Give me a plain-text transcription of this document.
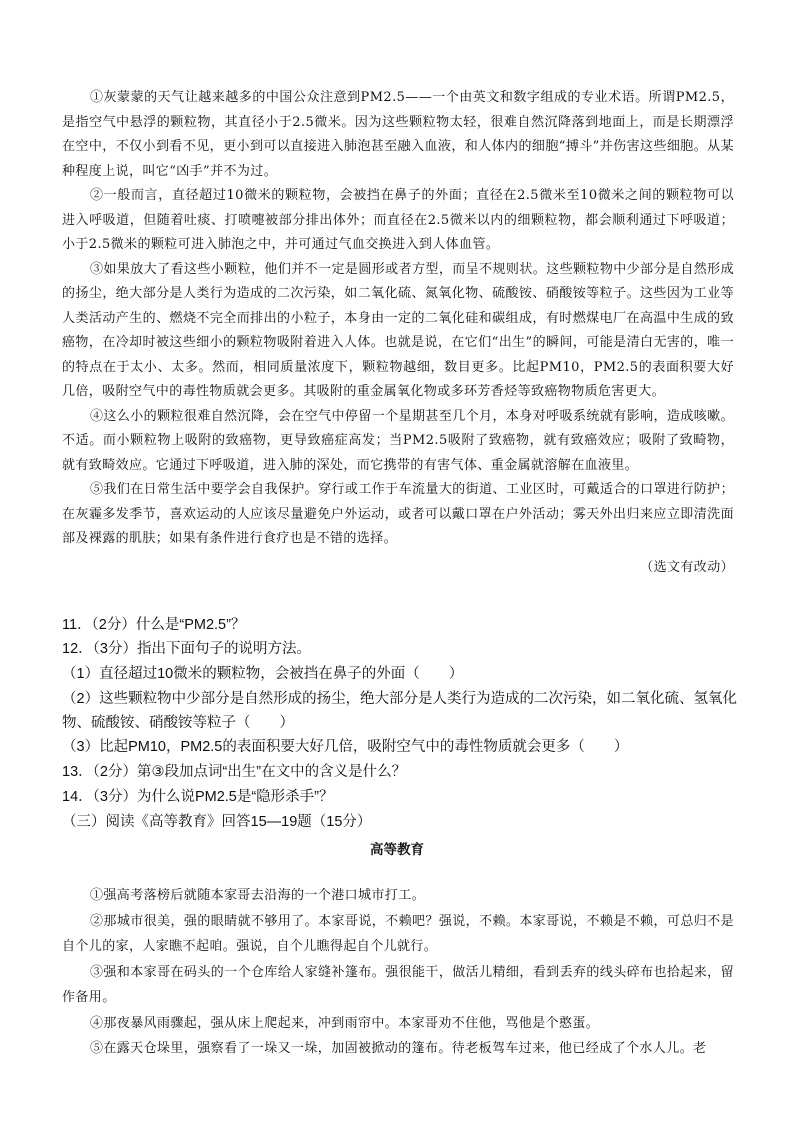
①灰蒙蒙的天气让越来越多的中国公众注意到PM2.5——一个由英文和数字组成的专业术语。所谓PM2.5，是指空气中悬浮的颗粒物，其直径小于2.5微米。因为这些颗粒物太轻，很难自然沉降落到地面上，而是长期漂浮在空中，不仅小到看不见，更小到可以直接进入肺泡甚至融入血液，和人体内的细胞“搏斗”并伤害这些细胞。从某种程度上说，叫它“凶手”并不为过。

②一般而言，直径超过10微米的颗粒物，会被挡在鼻子的外面；直径在2.5微米至10微米之间的颗粒物可以进入呼吸道，但随着吐痰、打喷嚏被部分排出体外；而直径在2.5微米以内的细颗粒物，都会顺利通过下呼吸道；小于2.5微米的颗粒可进入肺泡之中，并可通过气血交换进入到人体血管。

③如果放大了看这些小颗粒，他们并不一定是圆形或者方型，而呈不规则状。这些颗粒物中少部分是自然形成的扬尘，绝大部分是人类行为造成的二次污染，如二氧化硫、氮氧化物、硫酸铵、硝酸铵等粒子。这些因为工业等人类活动产生的、燃烧不完全而排出的小粒子，本身由一定的二氧化硅和碳组成，有时燃煤电厂在高温中生成的致癌物，在冷却时被这些细小的颗粒物吸附着进入人体。也就是说，在它们“出生”的瞬间，可能是清白无害的，唯一的特点在于太小、太多。然而，相同质量浓度下，颗粒物越细，数目更多。比起PM10，PM2.5的表面积要大好几倍，吸附空气中的毒性物质就会更多。其吸附的重金属氧化物或多环芳香烃等致癌物物质危害更大。

④这么小的颗粒很难自然沉降，会在空气中停留一个星期甚至几个月，本身对呼吸系统就有影响，造成咳嗽。不适。而小颗粒物上吸附的致癌物，更导致癌症高发；当PM2.5吸附了致癌物，就有致癌效应；吸附了致畸物，就有致畸效应。它通过下呼吸道，进入肺的深处，而它携带的有害气体、重金属就溶解在血液里。

⑤我们在日常生活中要学会自我保护。穿行或工作于车流量大的街道、工业区时，可戴适合的口罩进行防护；在灰霾多发季节，喜欢运动的人应该尽量避免户外运动，或者可以戴口罩在户外活动；雾天外出归来应立即清洗面部及裸露的肌肤；如果有条件进行食疗也是不错的选择。

（选文有改动）

11．（2分）什么是“PM2.5”？
12．（3分）指出下面句子的说明方法。
（1）直径超过10微米的颗粒物，会被挡在鼻子的外面（　　）
（2）这些颗粒物中少部分是自然形成的扬尘，绝大部分是人类行为造成的二次污染，如二氧化硫、氢氧化物、硫酸铵、硝酸铵等粒子（　　）
（3）比起PM10，PM2.5的表面积要大好几倍，吸附空气中的毒性物质就会更多（　　）
13．（2分）第③段加点词“出生”在文中的含义是什么？
14．（3分）为什么说PM2.5是“隐形杀手”？
（三）阅读《高等教育》回答15—19题（15分）
高等教育

①强高考落榜后就随本家哥去沿海的一个港口城市打工。

②那城市很美，强的眼睛就不够用了。本家哥说，不赖吧？强说，不赖。本家哥说，不赖是不赖，可总归不是自个儿的家，人家瞧不起咱。强说，自个儿瞧得起自个儿就行。

③强和本家哥在码头的一个仓库给人家缝补篷布。强很能干，做活儿精细，看到丢弃的线头碎布也拾起来，留作备用。

④那夜暴风雨骤起，强从床上爬起来，冲到雨帘中。本家哥劝不住他，骂他是个憨蛋。

⑤在露天仓垛里，强察看了一垛又一垛，加固被掀动的篷布。待老板驾车过来，他已经成了个水人儿。老
